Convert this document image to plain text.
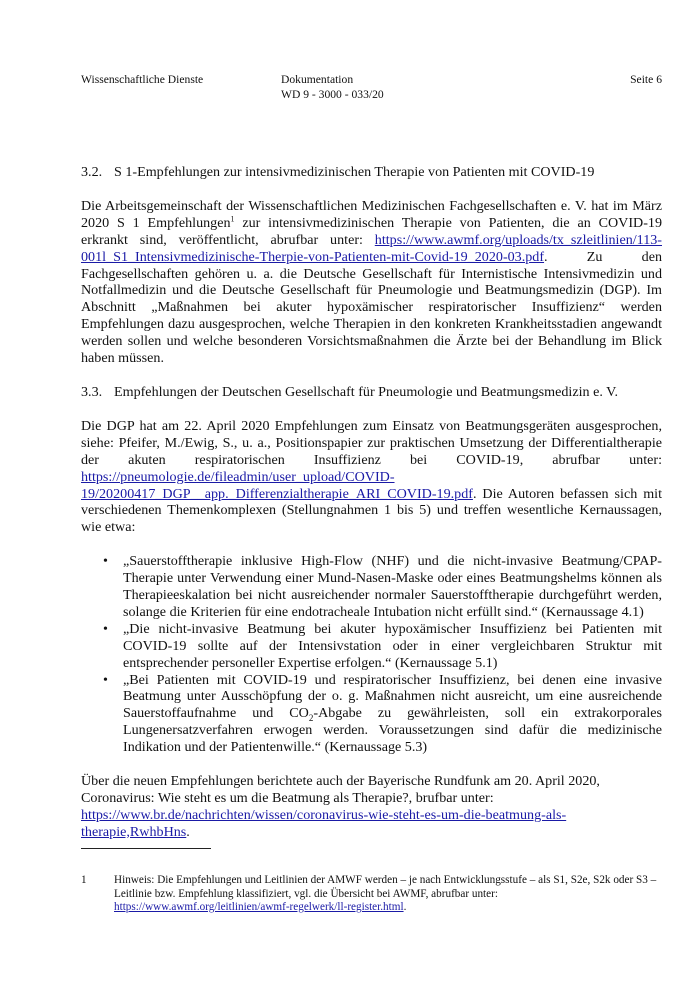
Wissenschaftliche Dienste	Dokumentation
WD 9 - 3000 - 033/20
Seite 6

3.2. S 1-Empfehlungen zur intensivmedizinischen Therapie von Patienten mit COVID-19

Die Arbeitsgemeinschaft der Wissenschaftlichen Medizinischen Fachgesellschaften e. V. hat im März 2020 S 1 Empfehlungen$^1$ zur intensivmedizinischen Therapie von Patienten, die an COVID-19 erkrankt sind, veröffentlicht, abrufbar unter: https://www.awmf.org/uploads/tx_szleitlinien/113-001l_S1_Intensivmedizinische-Therpie-von-Patienten-mit-Covid-19_2020-03.pdf. Zu den Fachgesellschaften gehören u. a. die Deutsche Gesellschaft für Internistische Intensivmedizin und Notfallmedizin und die Deutsche Gesellschaft für Pneumologie und Beatmungsmedizin (DGP). Im Abschnitt „Maßnahmen bei akuter hypoxämischer respiratorischer Insuffizienz“ werden Empfehlungen dazu ausgesprochen, welche Therapien in den konkreten Krankheitsstadien angewandt werden sollen und welche besonderen Vorsichtsmaßnahmen die Ärzte bei der Behandlung im Blick haben müssen.

3.3. Empfehlungen der Deutschen Gesellschaft für Pneumologie und Beatmungsmedizin e. V.

Die DGP hat am 22. April 2020 Empfehlungen zum Einsatz von Beatmungsgeräten ausgesprochen, siehe: Pfeifer, M./Ewig, S., u. a., Positionspapier zur praktischen Umsetzung der Differentialtherapie der akuten respiratorischen Insuffizienz bei COVID-19, abrufbar unter: https://pneumologie.de/fileadmin/user_upload/COVID-19/20200417_DGP__app._Differenzialtherapie_ARI_COVID-19.pdf. Die Autoren befassen sich mit verschiedenen Themenkomplexen (Stellungnahmen 1 bis 5) und treffen wesentliche Kernaussagen, wie etwa:

• „Sauerstofftherapie inklusive High-Flow (NHF) und die nicht-invasive Beatmung/CPAP-Therapie unter Verwendung einer Mund-Nasen-Maske oder eines Beatmungshelms können als Therapieeskalation bei nicht ausreichender normaler Sauerstofftherapie durchgeführt werden, solange die Kriterien für eine endotracheale Intubation nicht erfüllt sind.“ (Kernaussage 4.1)
• „Die nicht-invasive Beatmung bei akuter hypoxämischer Insuffizienz bei Patienten mit COVID-19 sollte auf der Intensivstation oder in einer vergleichbaren Struktur mit entsprechender personeller Expertise erfolgen.“ (Kernaussage 5.1)
• „Bei Patienten mit COVID-19 und respiratorischer Insuffizienz, bei denen eine invasive Beatmung unter Ausschöpfung der o. g. Maßnahmen nicht ausreicht, um eine ausreichende Sauerstoffaufnahme und $CO_2$-Abgabe zu gewährleisten, soll ein extrakorporales Lungenersatzverfahren erwogen werden. Voraussetzungen sind dafür die medizinische Indikation und der Patientenwille.“ (Kernaussage 5.3)

Über die neuen Empfehlungen berichtete auch der Bayerische Rundfunk am 20. April 2020, Coronavirus: Wie steht es um die Beatmung als Therapie?, brufbar unter: https://www.br.de/nachrichten/wissen/coronavirus-wie-steht-es-um-die-beatmung-als-therapie,RwhbHns.

1	Hinweis: Die Empfehlungen und Leitlinien der AMWF werden – je nach Entwicklungsstufe – als S1, S2e, S2k oder S3 – Leitlinie bzw. Empfehlung klassifiziert, vgl. die Übersicht bei AWMF, abrufbar unter: https://www.awmf.org/leitlinien/awmf-regelwerk/ll-register.html.
